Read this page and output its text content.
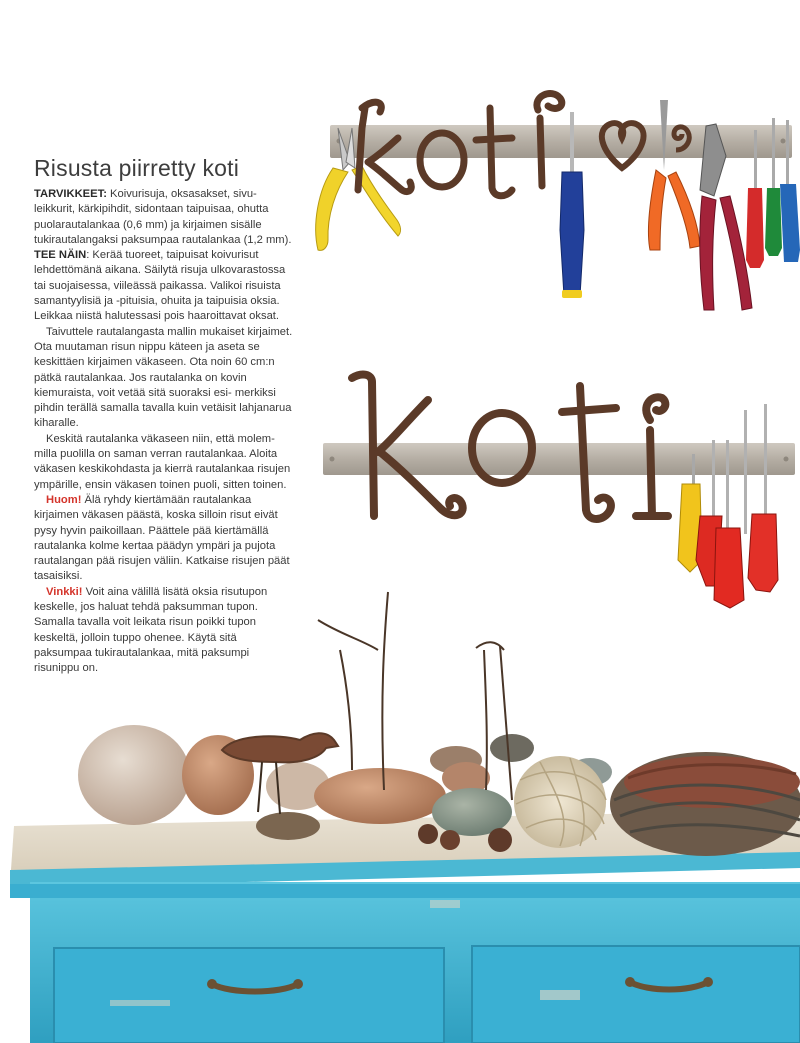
Risusta piirretty koti

TARVIKKEET: Koivurisuja, oksasakset, sivu- leikkurit, kärkipihdit, sidontaan taipuisaa, ohutta puolarautalankaa (0,6 mm) ja kirjaimen sisälle tukirautalangaksi paksumpaa rautalankaa (1,2 mm).

TEE NÄIN: Kerää tuoreet, taipuisat koivurisut lehdettömänä aikana. Säilytä risuja ulkovarastossa tai suojaisessa, viileässä paikassa. Valikoi risuista samantyylisiä ja -pituisia, ohuita ja taipuisia oksia. Leikkaa niistä halutessasi pois haaroittavat oksat.

Taivuttele rautalangasta mallin mukaiset kirjaimet. Ota muutaman risun nippu käteen ja aseta se keskittäen kirjaimen väkaseen. Ota noin 60 cm:n pätkä rautalankaa. Jos rautalanka on kovin kiemuraista, voit vetää sitä suoraksi esi- merkiksi pihdin terällä samalla tavalla kuin vetäisit lahjanarua kiharalle.

Keskitä rautalanka väkaseen niin, että molem- milla puolilla on saman verran rautalankaa. Aloita väkasen keskikohdasta ja kierrä rautalankaa risujen ympärille, ensin väkasen toinen puoli, sitten toinen.

Huom! Älä ryhdy kiertämään rautalankaa kirjaimen väkasen päästä, koska silloin risut eivät pysy hyvin paikoillaan. Päättele pää kiertämällä rautalanka kolme kertaa päädyn ympäri ja pujota rautalangan pää risujen väliin. Katkaise risujen päät tasaisiksi.

Vinkki! Voit aina välillä lisätä oksia risutupon keskelle, jos haluat tehdä paksumman tupon. Samalla tavalla voit leikata risun poikki tupon keskeltä, jolloin tuppo ohenee. Käytä sitä paksumpaa tukirautalankaa, mitä paksumpi risunippu on.
